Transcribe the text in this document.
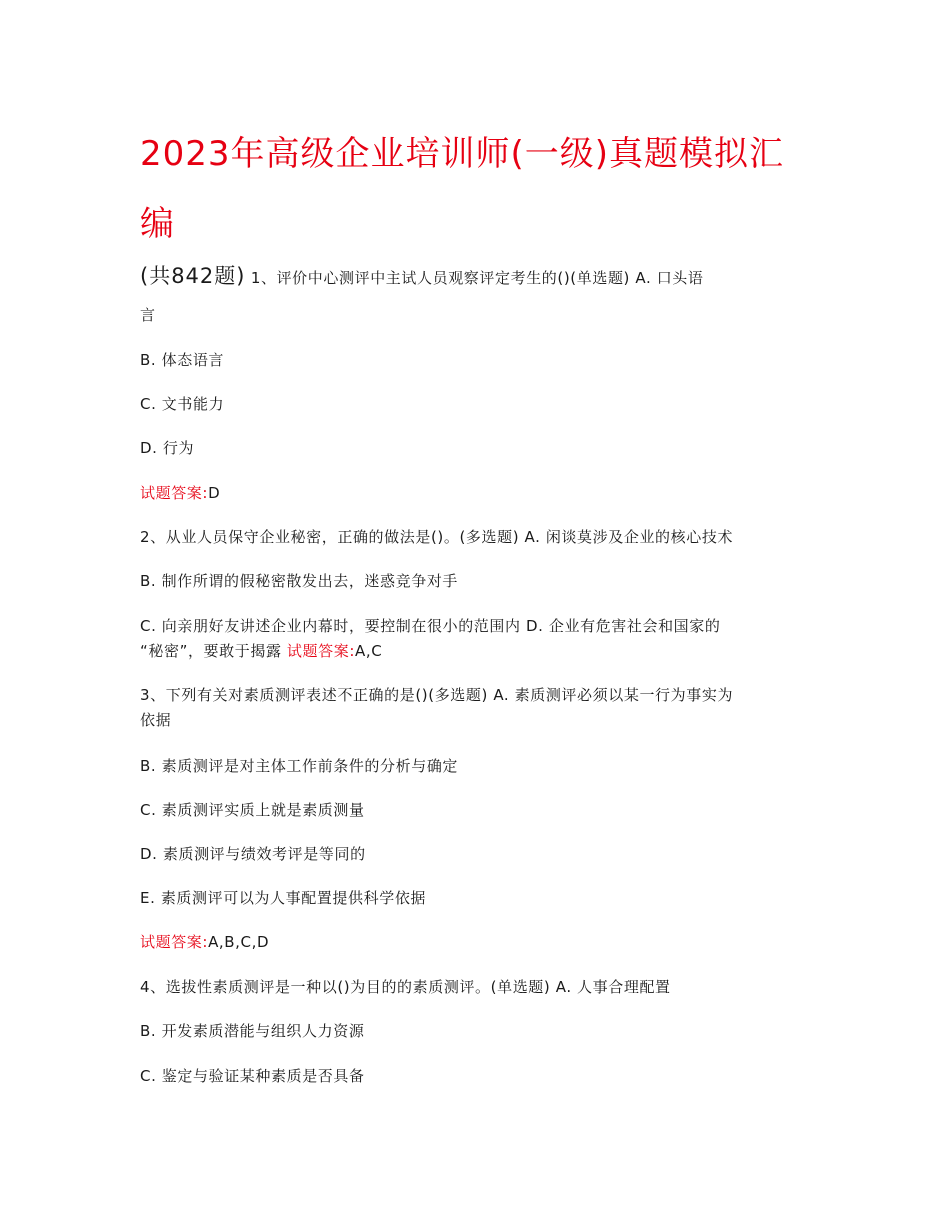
2023年高级企业培训师(一级)真题模拟汇
编
(共842题) 1、评价中心测评中主试人员观察评定考生的()(单选题) A. 口头语
言
B. 体态语言
C. 文书能力
D. 行为
试题答案:D
2、从业人员保守企业秘密，正确的做法是()。(多选题) A. 闲谈莫涉及企业的核心技术
B. 制作所谓的假秘密散发出去，迷惑竞争对手
C. 向亲朋好友讲述企业内幕时，要控制在很小的范围内 D. 企业有危害社会和国家的
“秘密”，要敢于揭露 试题答案:A,C
3、下列有关对素质测评表述不正确的是()(多选题) A. 素质测评必须以某一行为事实为
依据
B. 素质测评是对主体工作前条件的分析与确定
C. 素质测评实质上就是素质测量
D. 素质测评与绩效考评是等同的
E. 素质测评可以为人事配置提供科学依据
试题答案:A,B,C,D
4、选拔性素质测评是一种以()为目的的素质测评。(单选题) A. 人事合理配置
B. 开发素质潜能与组织人力资源
C. 鉴定与验证某种素质是否具备
